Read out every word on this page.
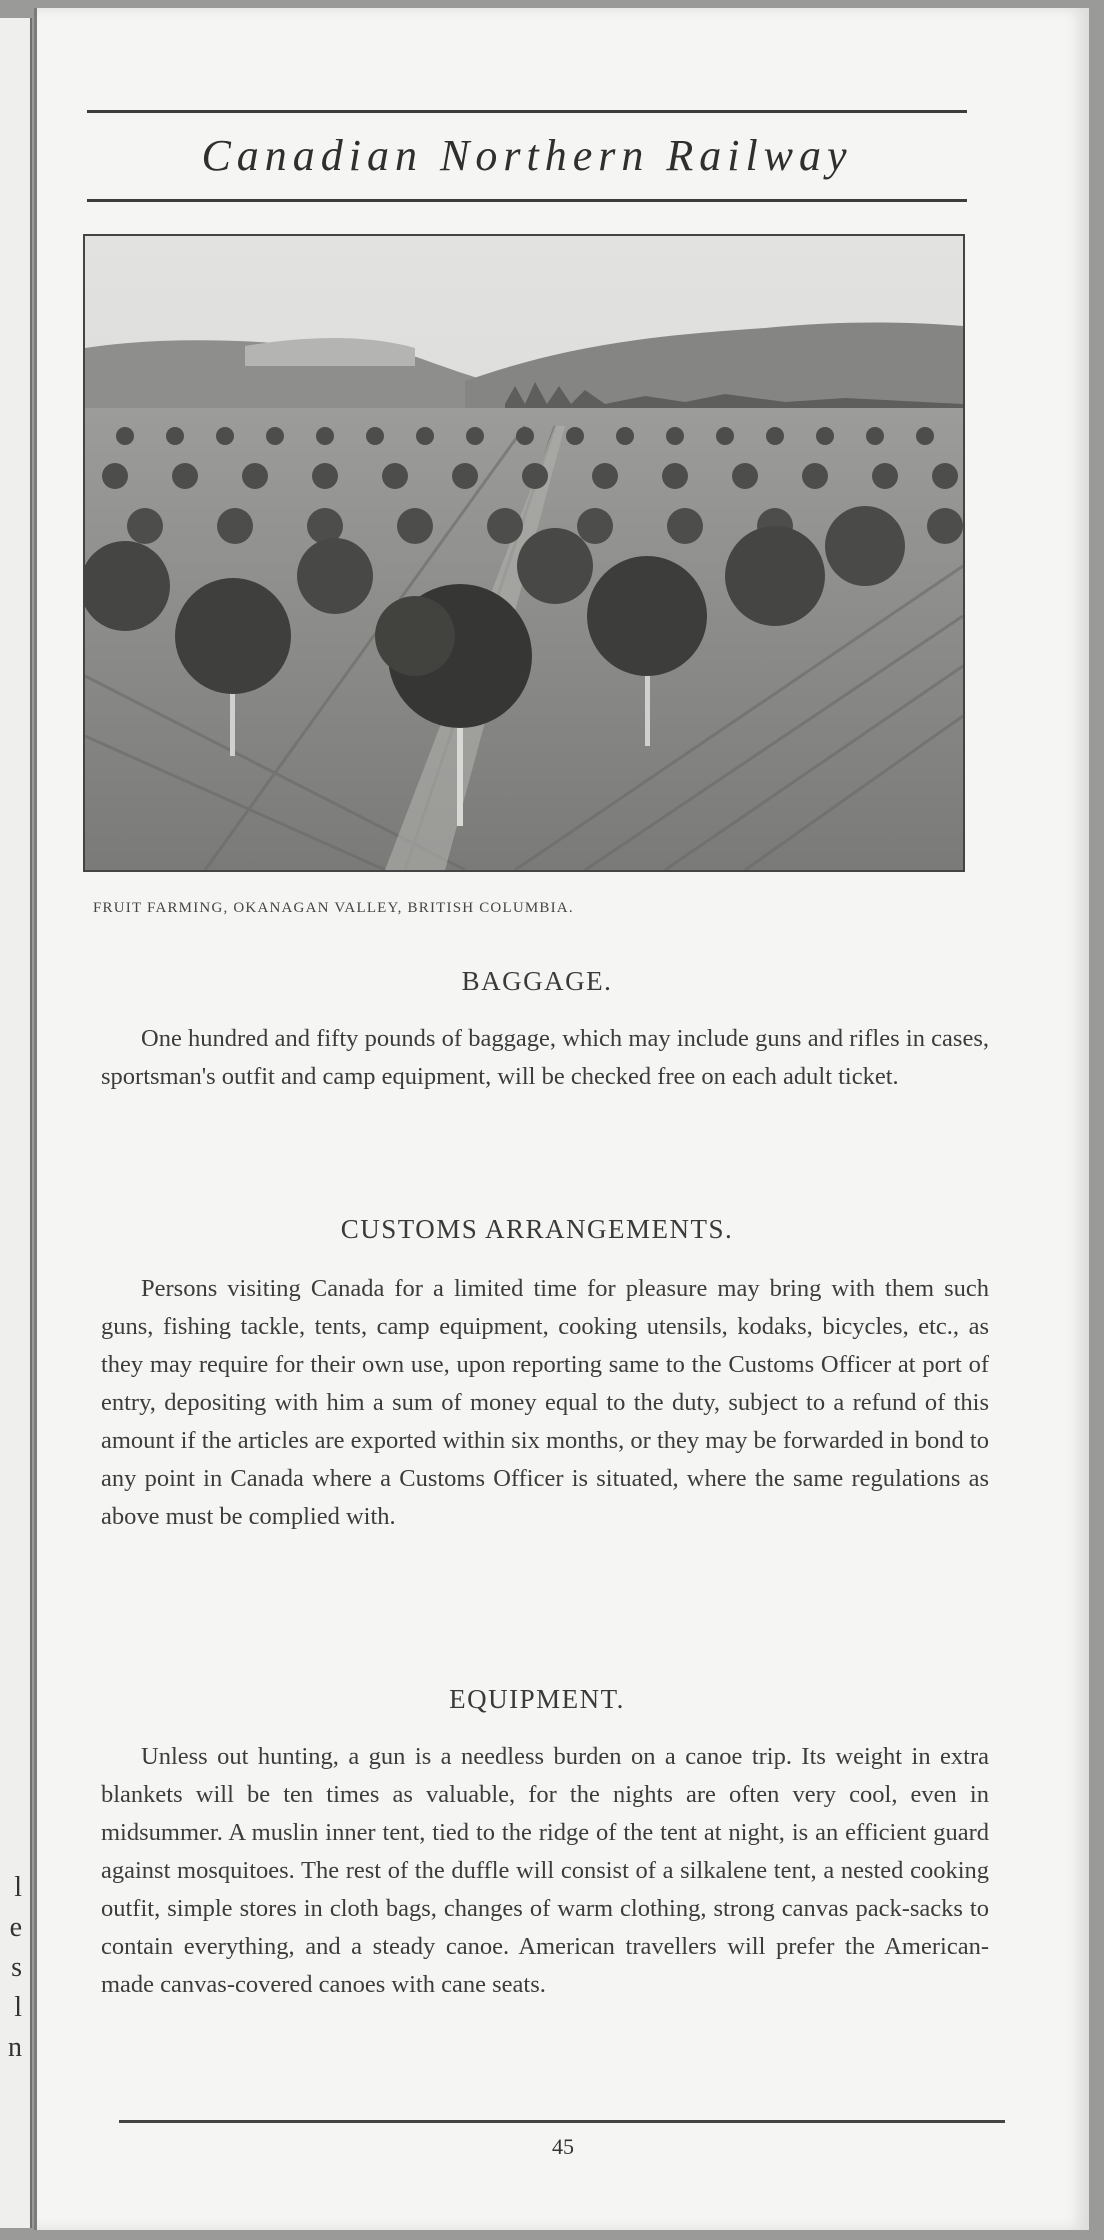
l
e
s
l
n
Canadian Northern Railway
FRUIT FARMING, OKANAGAN VALLEY, BRITISH COLUMBIA.
BAGGAGE.
One hundred and fifty pounds of baggage, which may include guns and rifles in cases, sportsman's outfit and camp equipment, will be checked free on each adult ticket.
CUSTOMS ARRANGEMENTS.
Persons visiting Canada for a limited time for pleasure may bring with them such guns, fishing tackle, tents, camp equipment, cooking utensils, kodaks, bicycles, etc., as they may require for their own use, upon reporting same to the Customs Officer at port of entry, depositing with him a sum of money equal to the duty, subject to a refund of this amount if the articles are exported within six months, or they may be forwarded in bond to any point in Canada where a Customs Officer is situated, where the same regulations as above must be complied with.
EQUIPMENT.
Unless out hunting, a gun is a needless burden on a canoe trip. Its weight in extra blankets will be ten times as valuable, for the nights are often very cool, even in midsummer. A muslin inner tent, tied to the ridge of the tent at night, is an efficient guard against mosquitoes. The rest of the duffle will consist of a silkalene tent, a nested cooking outfit, simple stores in cloth bags, changes of warm clothing, strong canvas pack-sacks to contain everything, and a steady canoe. American travellers will prefer the American-made canvas-covered canoes with cane seats.
45
